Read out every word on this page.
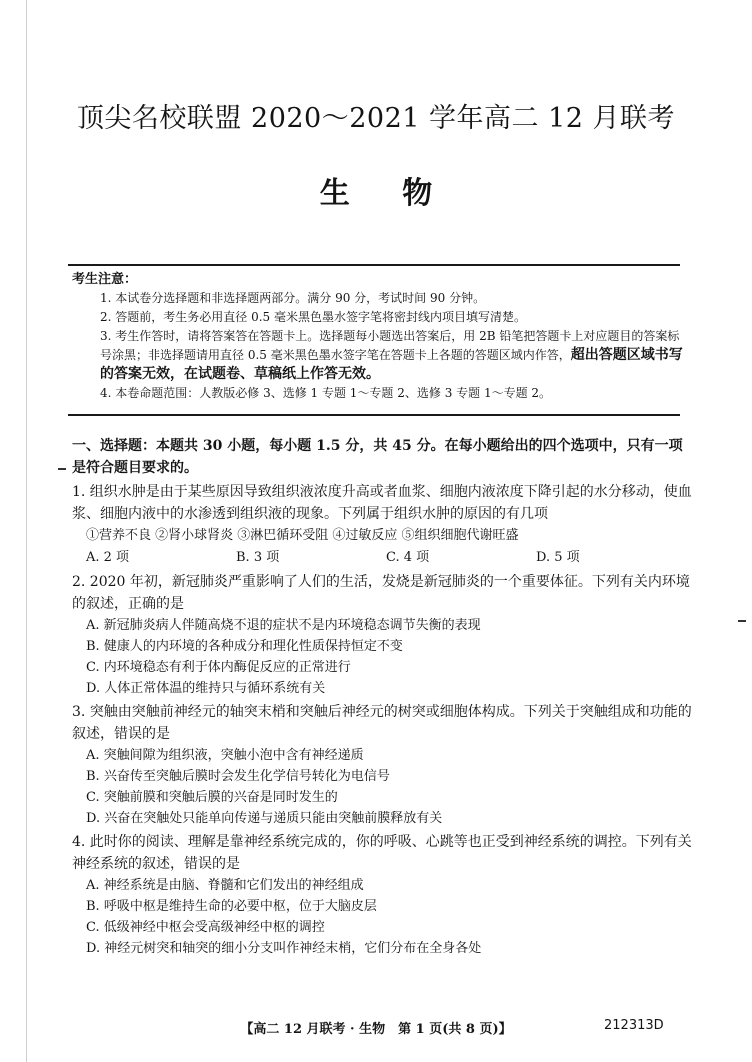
顶尖名校联盟 2020～2021 学年高二 12 月联考
生 物
考生注意：
1. 本试卷分选择题和非选择题两部分。满分 90 分，考试时间 90 分钟。
2. 答题前，考生务必用直径 0.5 毫米黑色墨水签字笔将密封线内项目填写清楚。
3. 考生作答时，请将答案答在答题卡上。选择题每小题选出答案后，用 2B 铅笔把答题卡上对应题目的答案标号涂黑；非选择题请用直径 0.5 毫米黑色墨水签字笔在答题卡上各题的答题区域内作答，超出答题区域书写的答案无效，在试题卷、草稿纸上作答无效。
4. 本卷命题范围：人教版必修 3、选修 1 专题 1～专题 2、选修 3 专题 1～专题 2。
一、选择题：本题共 30 小题，每小题 1.5 分，共 45 分。在每小题给出的四个选项中，只有一项是符合题目要求的。
1. 组织水肿是由于某些原因导致组织液浓度升高或者血浆、细胞内液浓度下降引起的水分移动，使血浆、细胞内液中的水渗透到组织液的现象。下列属于组织水肿的原因的有几项
①营养不良 ②肾小球肾炎 ③淋巴循环受阻 ④过敏反应 ⑤组织细胞代谢旺盛
A. 2 项	B. 3 项	C. 4 项	D. 5 项
2. 2020 年初，新冠肺炎严重影响了人们的生活，发烧是新冠肺炎的一个重要体征。下列有关内环境的叙述，正确的是
A. 新冠肺炎病人伴随高烧不退的症状不是内环境稳态调节失衡的表现
B. 健康人的内环境的各种成分和理化性质保持恒定不变
C. 内环境稳态有利于体内酶促反应的正常进行
D. 人体正常体温的维持只与循环系统有关
3. 突触由突触前神经元的轴突末梢和突触后神经元的树突或细胞体构成。下列关于突触组成和功能的叙述，错误的是
A. 突触间隙为组织液，突触小泡中含有神经递质
B. 兴奋传至突触后膜时会发生化学信号转化为电信号
C. 突触前膜和突触后膜的兴奋是同时发生的
D. 兴奋在突触处只能单向传递与递质只能由突触前膜释放有关
4. 此时你的阅读、理解是靠神经系统完成的，你的呼吸、心跳等也正受到神经系统的调控。下列有关神经系统的叙述，错误的是
A. 神经系统是由脑、脊髓和它们发出的神经组成
B. 呼吸中枢是维持生命的必要中枢，位于大脑皮层
C. 低级神经中枢会受高级神经中枢的调控
D. 神经元树突和轴突的细小分支叫作神经末梢，它们分布在全身各处
【高二 12 月联考 · 生物　第 1 页(共 8 页)】	212313D
